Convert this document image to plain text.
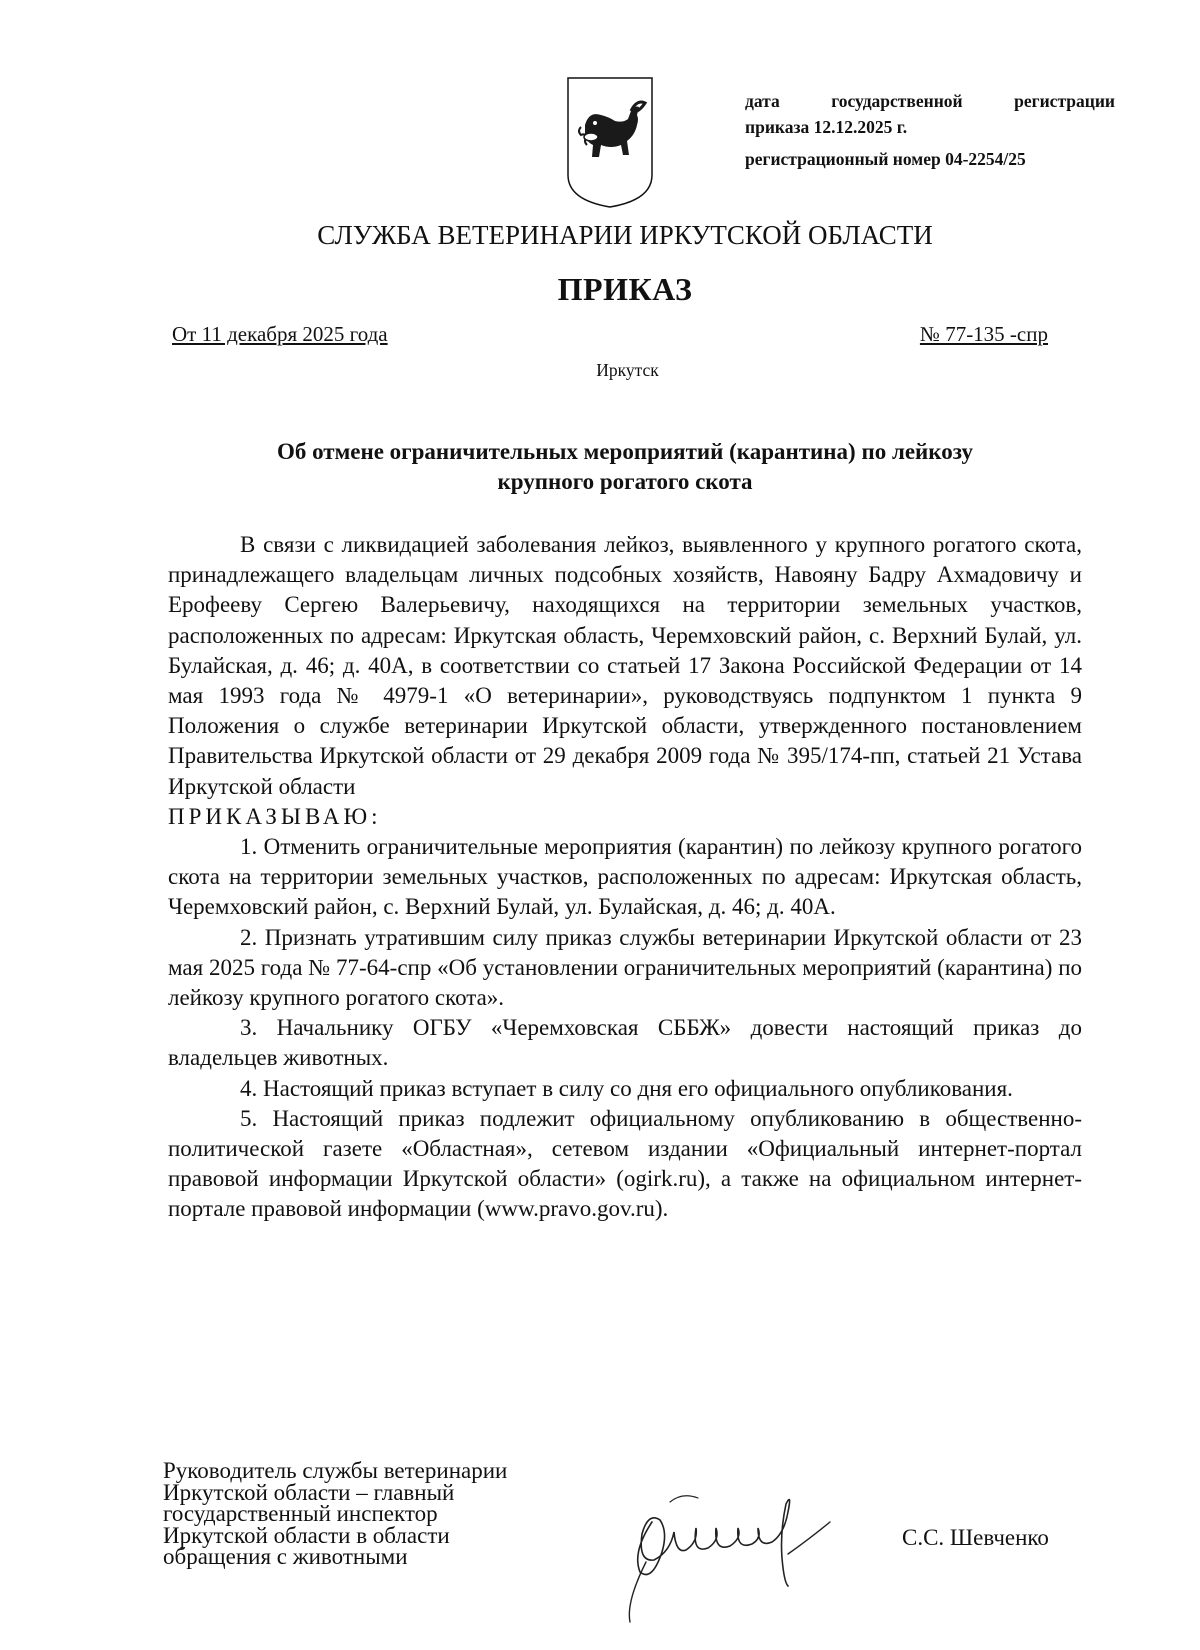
дата государственной регистрации
приказа 12.12.2025 г.
регистрационный номер 04-2254/25
СЛУЖБА ВЕТЕРИНАРИИ ИРКУТСКОЙ ОБЛАСТИ
ПРИКАЗ
От 11 декабря 2025 года	№ 77-135 -спр
Иркутск
Об отмене ограничительных мероприятий (карантина) по лейкозу
крупного рогатого скота

В связи с ликвидацией заболевания лейкоз, выявленного у крупного рогатого скота, принадлежащего владельцам личных подсобных хозяйств, Навояну Бадру Ахмадовичу и Ерофееву Сергею Валерьевичу, находящихся на территории земельных участков, расположенных по адресам: Иркутская область, Черемховский район, с. Верхний Булай, ул. Булайская, д. 46; д. 40А, в соответствии со статьей 17 Закона Российской Федерации от 14 мая 1993 года № 4979-1 «О ветеринарии», руководствуясь подпунктом 1 пункта 9 Положения о службе ветеринарии Иркутской области, утвержденного постановлением Правительства Иркутской области от 29 декабря 2009 года № 395/174-пп, статьей 21 Устава Иркутской области

ПРИКАЗЫВАЮ:

1. Отменить ограничительные мероприятия (карантин) по лейкозу крупного рогатого скота на территории земельных участков, расположенных по адресам: Иркутская область, Черемховский район, с. Верхний Булай, ул. Булайская, д. 46; д. 40А.

2. Признать утратившим силу приказ службы ветеринарии Иркутской области от 23 мая 2025 года № 77-64-спр «Об установлении ограничительных мероприятий (карантина) по лейкозу крупного рогатого скота».

3. Начальнику ОГБУ «Черемховская СББЖ» довести настоящий приказ до владельцев животных.

4. Настоящий приказ вступает в силу со дня его официального опубликования.

5. Настоящий приказ подлежит официальному опубликованию в общественно-политической газете «Областная», сетевом издании «Официальный интернет-портал правовой информации Иркутской области» (ogirk.ru), а также на официальном интернет-портале правовой информации (www.pravo.gov.ru).

Руководитель службы ветеринарии
Иркутской области – главный
государственный инспектор
Иркутской области в области
обращения с животными
С.С. Шевченко
